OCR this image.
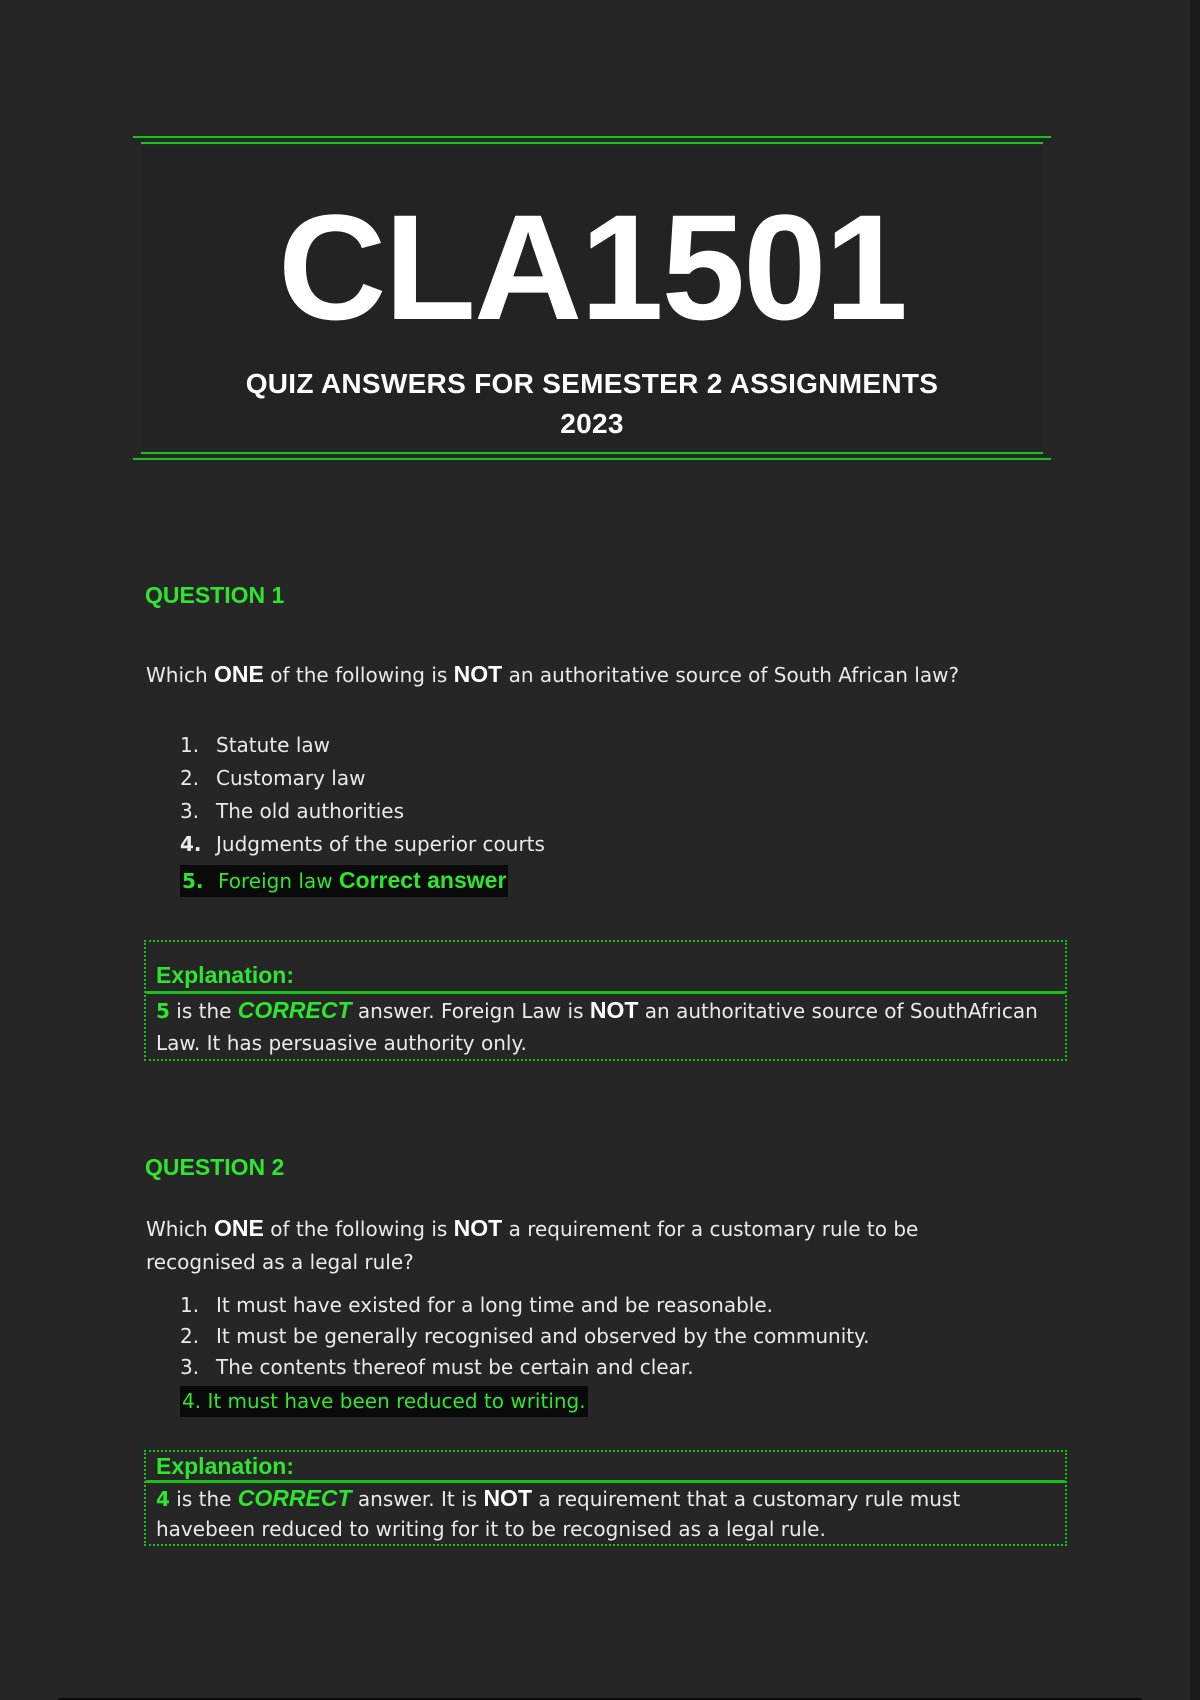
CLA1501
QUIZ ANSWERS FOR SEMESTER 2 ASSIGNMENTS
2023
QUESTION 1
Which ONE of the following is NOT an authoritative source of South African law?
1. Statute law
2. Customary law
3. The old authorities
4. Judgments of the superior courts
5. Foreign law Correct answer
Explanation:
5 is the CORRECT answer. Foreign Law is NOT an authoritative source of SouthAfrican Law. It has persuasive authority only.
QUESTION 2
Which ONE of the following is NOT a requirement for a customary rule to be recognised as a legal rule?
1. It must have existed for a long time and be reasonable.
2. It must be generally recognised and observed by the community.
3. The contents thereof must be certain and clear.
4. It must have been reduced to writing.
Explanation:
4 is the CORRECT answer. It is NOT a requirement that a customary rule must havebeen reduced to writing for it to be recognised as a legal rule.
